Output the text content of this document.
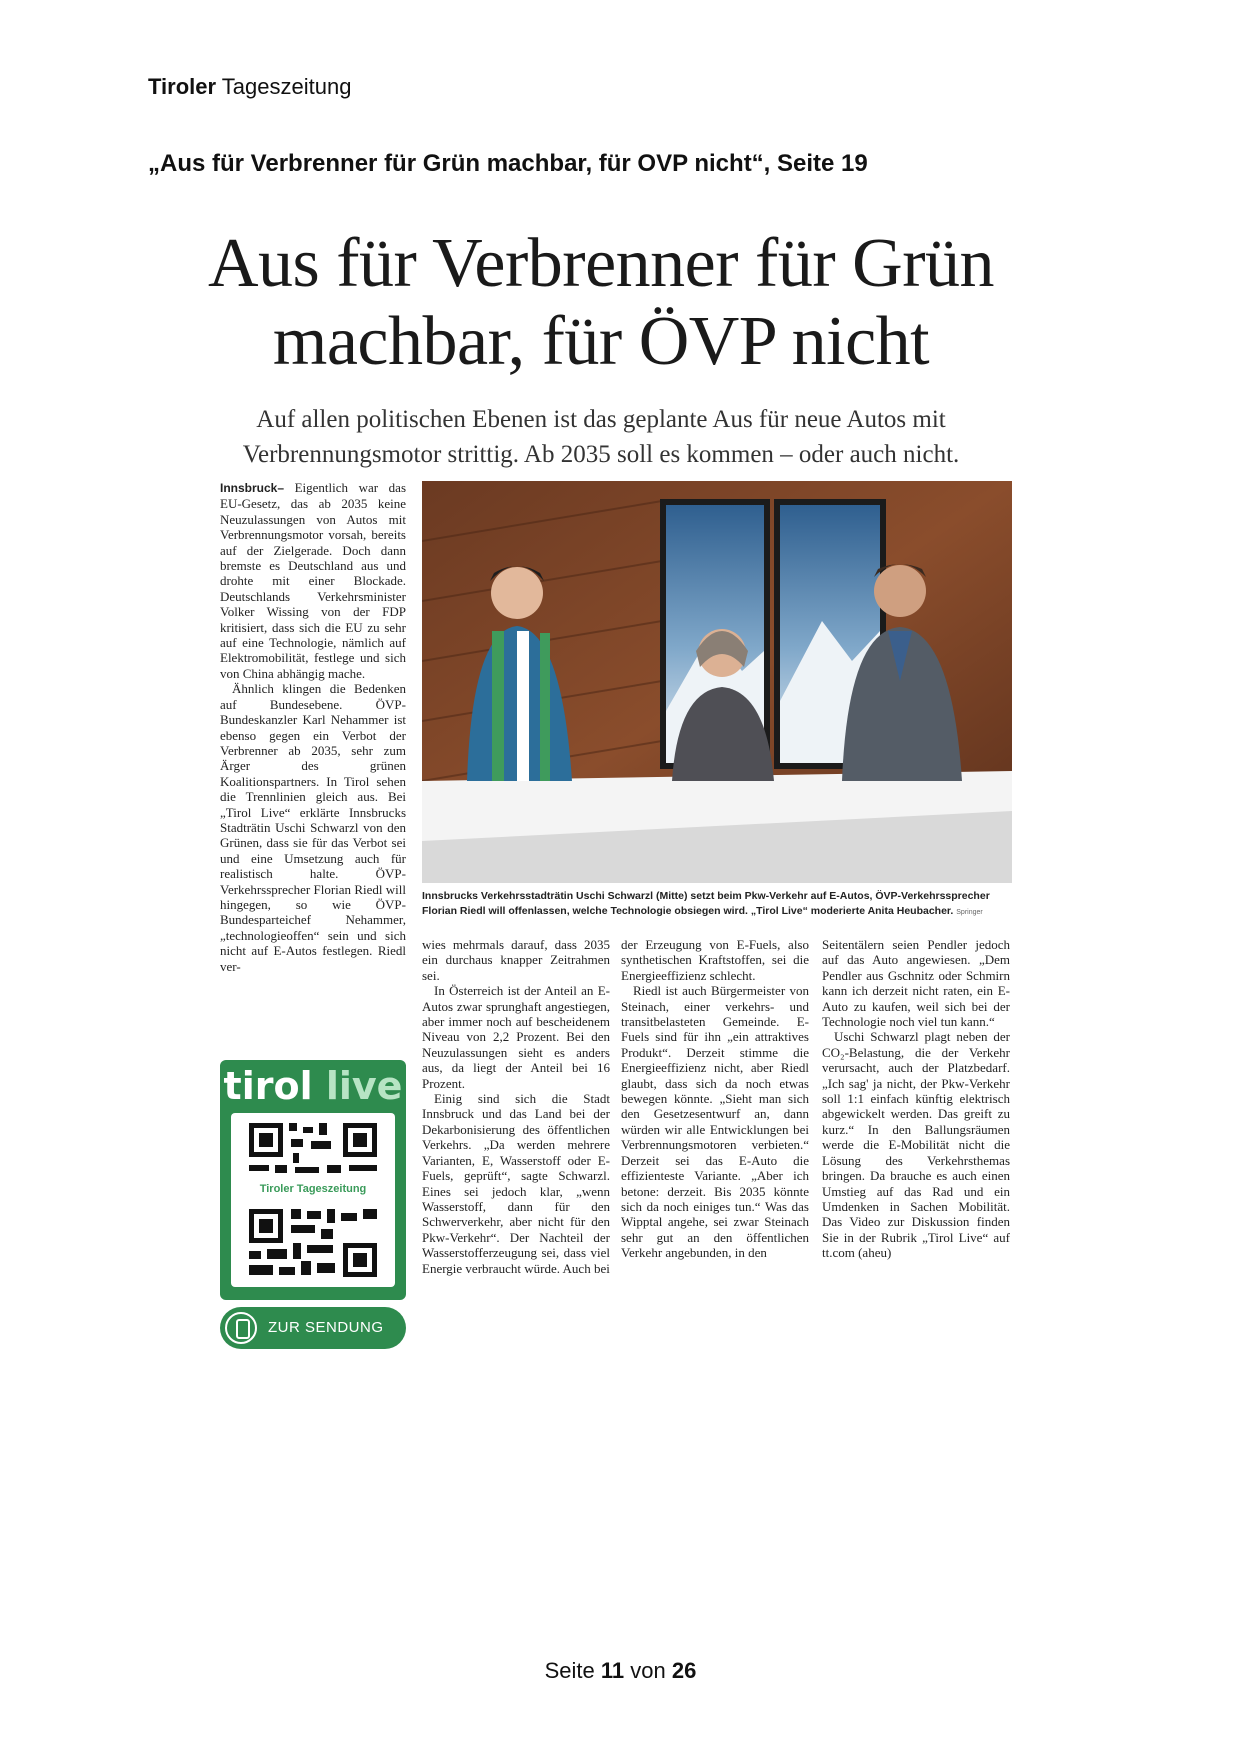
Tiroler Tageszeitung
„Aus für Verbrenner für Grün machbar, für OVP nicht“, Seite 19
Aus für Verbrenner für Grün
machbar, für ÖVP nicht
Auf allen politischen Ebenen ist das geplante Aus für neue Autos mit
Verbrennungsmotor strittig. Ab 2035 soll es kommen – oder auch nicht.

Innsbruck– Eigentlich war das EU-Gesetz, das ab 2035 keine Neuzulassungen von Autos mit Verbrennungsmotor vorsah, bereits auf der Zielgerade. Doch dann bremste es Deutschland aus und drohte mit einer Blockade. Deutschlands Verkehrsminister Volker Wissing von der FDP kritisiert, dass sich die EU zu sehr auf eine Technologie, nämlich auf Elektromobilität, festlege und sich von China abhängig mache.

Ähnlich klingen die Bedenken auf Bundesebene. ÖVP-Bundeskanzler Karl Nehammer ist ebenso gegen ein Verbot der Verbrenner ab 2035, sehr zum Ärger des grünen Koalitionspartners. In Tirol sehen die Trennlinien gleich aus. Bei „Tirol Live“ erklärte Innsbrucks Stadträtin Uschi Schwarzl von den Grünen, dass sie für das Verbot sei und eine Umsetzung auch für realistisch halte. ÖVP-Verkehrssprecher Florian Riedl will hingegen, so wie ÖVP-Bundesparteichef Nehammer, „technologieoffen“ sein und sich nicht auf E-Autos festlegen. Riedl ver-

Innsbrucks Verkehrsstadträtin Uschi Schwarzl (Mitte) setzt beim Pkw-Verkehr auf E-Autos, ÖVP-Verkehrssprecher Florian Riedl will offenlassen, welche Technologie obsiegen wird. „Tirol Live“ moderierte Anita Heubacher. Springer
tirol live
Tiroler Tageszeitung
ZUR SENDUNG

wies mehrmals darauf, dass 2035 ein durchaus knapper Zeitrahmen sei.

In Österreich ist der Anteil an E-Autos zwar sprunghaft angestiegen, aber immer noch auf bescheidenem Niveau von 2,2 Prozent. Bei den Neuzulassungen sieht es anders aus, da liegt der Anteil bei 16 Prozent.

Einig sind sich die Stadt Innsbruck und das Land bei der Dekarbonisierung des öffentlichen Verkehrs. „Da werden mehrere Varianten, E, Wasserstoff oder E-Fuels, geprüft“, sagte Schwarzl. Eines sei jedoch klar, „wenn Wasserstoff, dann für den Schwerverkehr, aber nicht für den Pkw-Verkehr“. Der Nachteil der Wasserstofferzeugung sei, dass viel Energie verbraucht würde. Auch bei

der Erzeugung von E-Fuels, also synthetischen Kraftstoffen, sei die Energieeffizienz schlecht.

Riedl ist auch Bürgermeister von Steinach, einer verkehrs- und transitbelasteten Gemeinde. E-Fuels sind für ihn „ein attraktives Produkt“. Derzeit stimme die Energieeffizienz nicht, aber Riedl glaubt, dass sich da noch etwas bewegen könnte. „Sieht man sich den Gesetzesentwurf an, dann würden wir alle Entwicklungen bei Verbrennungsmotoren verbieten.“ Derzeit sei das E-Auto die effizienteste Variante. „Aber ich betone: derzeit. Bis 2035 könnte sich da noch einiges tun.“ Was das Wipptal angehe, sei zwar Steinach sehr gut an den öffentlichen Verkehr angebunden, in den

Seitentälern seien Pendler jedoch auf das Auto angewiesen. „Dem Pendler aus Gschnitz oder Schmirn kann ich derzeit nicht raten, ein E-Auto zu kaufen, weil sich bei der Technologie noch viel tun kann.“

Uschi Schwarzl plagt neben der CO₂-Belastung, die der Verkehr verursacht, auch der Platzbedarf. „Ich sag' ja nicht, der Pkw-Verkehr soll 1:1 einfach künftig elektrisch abgewickelt werden. Das greift zu kurz.“ In den Ballungsräumen werde die E-Mobilität nicht die Lösung des Verkehrsthemas bringen. Da brauche es auch einen Umstieg auf das Rad und ein Umdenken in Sachen Mobilität. Das Video zur Diskussion finden Sie in der Rubrik „Tirol Live“ auf tt.com (aheu)

Seite 11 von 26
